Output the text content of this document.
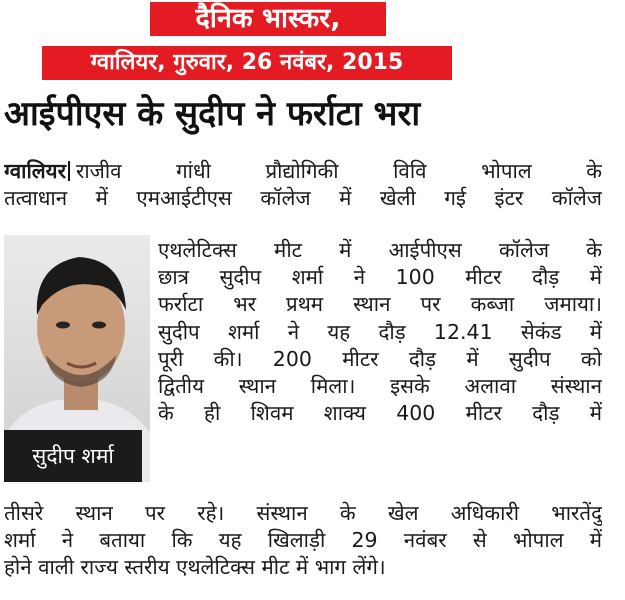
दैनिक भास्कर,
ग्वालियर, गुरुवार, 26 नवंबर, 2015
आईपीएस के सुदीप ने फर्राटा भरा
ग्वालियर राजीव गांधी प्रौद्योगिकी विवि भोपाल के
तत्वाधान में एमआईटीएस कॉलेज में खेली गई इंटर कॉलेज
सुदीप शर्मा
एथलेटिक्स मीट में आईपीएस कॉलेज के
छात्र सुदीप शर्मा ने 100 मीटर दौड़ में
फर्राटा भर प्रथम स्थान पर कब्जा जमाया।
सुदीप शर्मा ने यह दौड़ 12.41 सेकंड में
पूरी की। 200 मीटर दौड़ में सुदीप को
द्वितीय स्थान मिला। इसके अलावा संस्थान
के ही शिवम शाक्य 400 मीटर दौड़ में
तीसरे स्थान पर रहे। संस्थान के खेल अधिकारी भारतेंदु
शर्मा ने बताया कि यह खिलाड़ी 29 नवंबर से भोपाल में
होने वाली राज्य स्तरीय एथलेटिक्स मीट में भाग लेंगे।
